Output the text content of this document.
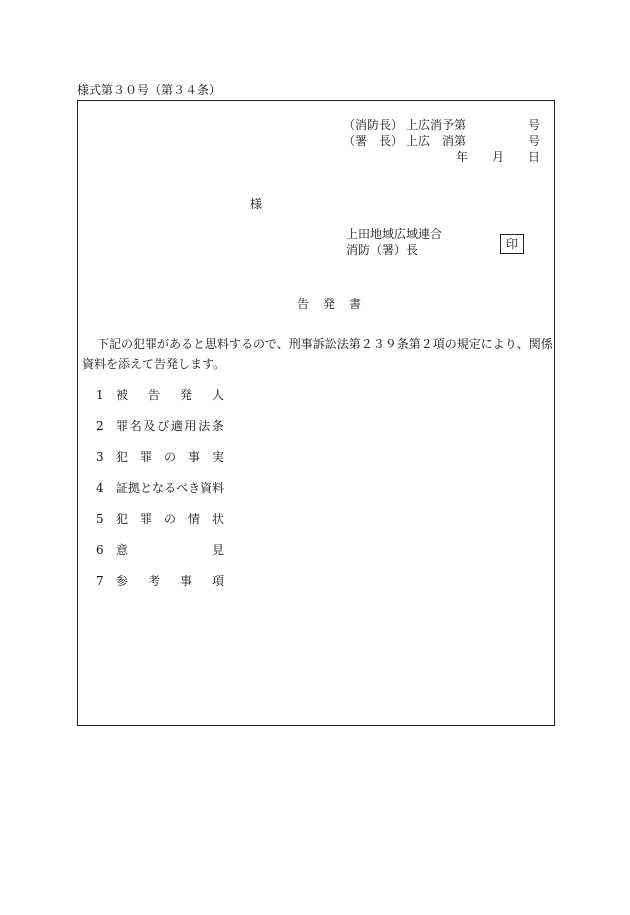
様式第３０号（第３４条）
（消防長） 上広消予第	号
（署　長） 上広　消第	号
年 月 日
様
上田地域広域連合
消防（署）長	印
告　発　書
下記の犯罪があると思料するので、刑事訴訟法第２３９条第２項の規定により、関係
資料を添えて告発します。
1	被 告 発 人
2	罪 名 及 び 適 用 法 条
3	犯 罪 の 事 実
4	証 拠 と な る べ き 資 料
5	犯 罪 の 情 状
6	意	見
7	参 考 事 項
